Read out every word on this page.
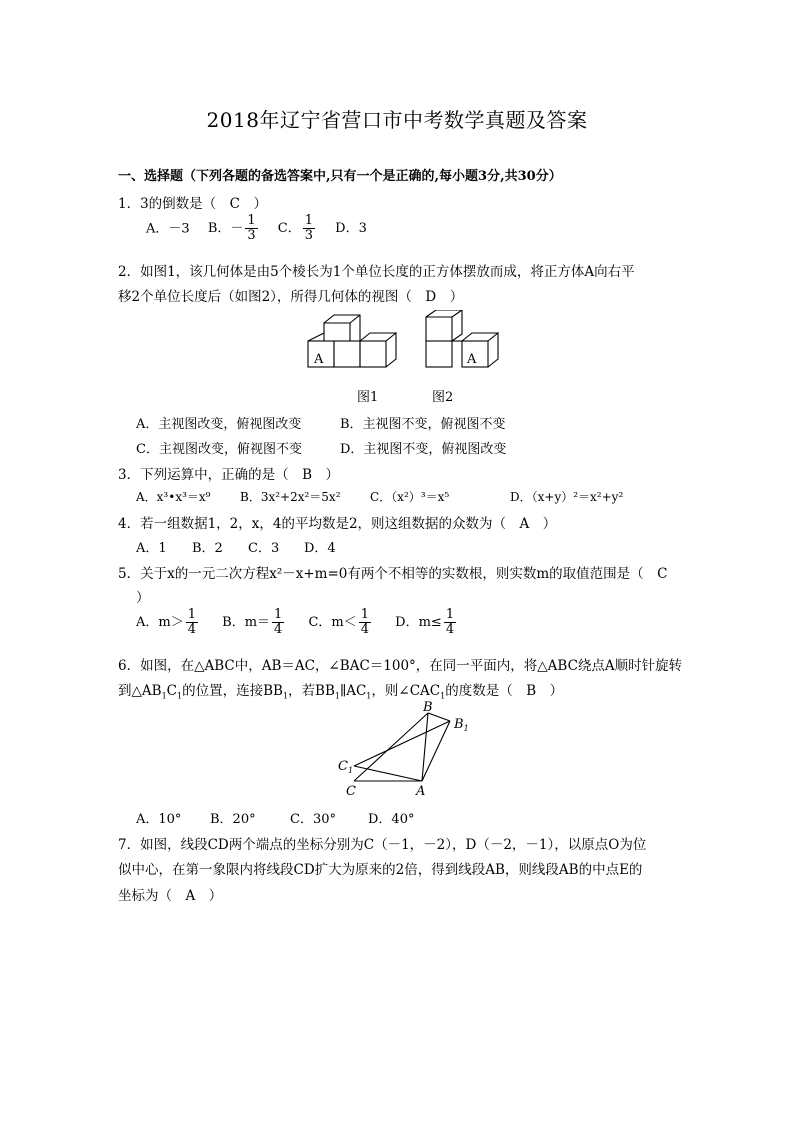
2018年辽宁省营口市中考数学真题及答案
一、选择题（下列各题的备选答案中,只有一个是正确的,每小题3分,共30分）
1．3的倒数是（　C　）
A．－3 B．－ $\frac{1}{3}$ C． $\frac{1}{3}$ D．3
2．如图1，该几何体是由5个棱长为1个单位长度的正方体摆放而成，将正方体A向右平
移2个单位长度后（如图2），所得几何体的视图（　D　）
A	A
图1	图2
A．主视图改变，俯视图改变	B．主视图不变，俯视图不变
C．主视图改变，俯视图不变	D．主视图不变，俯视图改变
3．下列运算中，正确的是（　B　）
A．x³•x³＝x⁹ B．3x²+2x²＝5x² C．（x²）³＝x⁵	D．（x+y）²＝x²+y²
4．若一组数据1，2，x，4的平均数是2，则这组数据的众数为（　A　）
A．1 B．2 C．3 D．4
5．关于x的一元二次方程x²－x+m=0有两个不相等的实数根，则实数m的取值范围是（　C
）
A．$m> \frac{1}{4}$ B．$m= \frac{1}{4}$ C．$m< \frac{1}{4}$ D．$m\le \frac{1}{4}$
6．如图，在△ABC中，AB＝AC，∠BAC＝100°，在同一平面内，将△ABC绕点A顺时针旋转
到$\triangle AB_1C_1$的位置，连接$BB_1$，若$BB_1\parallel AC_1$，则$\angle CAC_1$的度数是（　B　）
B
$B_1$
$C_1$
C	A
A．10° B．20°	C．30° D．40°
7．如图，线段CD两个端点的坐标分别为C（－1，－2），D（－2，－1），以原点O为位
似中心，在第一象限内将线段CD扩大为原来的2倍，得到线段AB，则线段AB的中点E的
坐标为（　A　）
